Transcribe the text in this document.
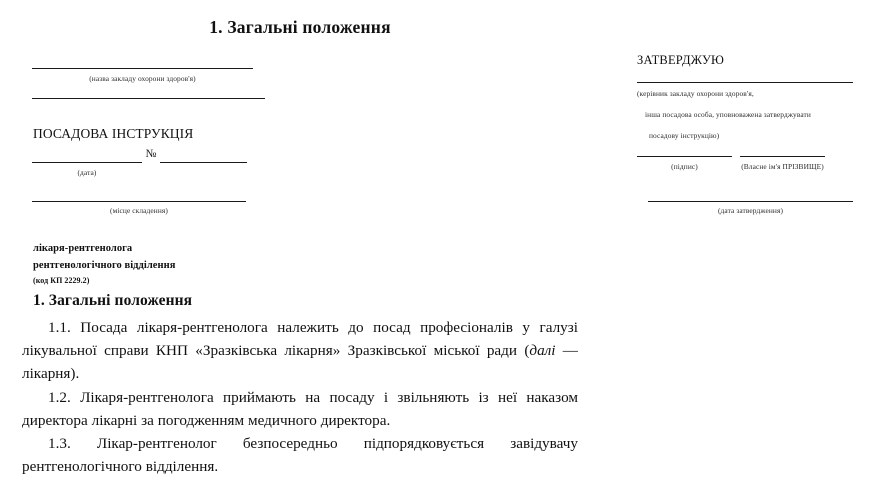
1. Загальні положення
(назва закладу охорони здоров'я)
ПОСАДОВА ІНСТРУКЦІЯ
№
(дата)
(місце складення)
ЗАТВЕРДЖУЮ
(керівник закладу охорони здоров'я,
інша посадова особа, уповноважена затверджувати
посадову інструкцію)
(підпис)	(Власне ім'я ПРІЗВИЩЕ)
(дата затвердження)
лікаря-рентгенолога
рентгенологічного відділення
(код КП 2229.2)
1. Загальні положення

1.1. Посада лікаря-рентгенолога належить до посад професіоналів у галузі лікувальної справи КНП «Зразківська лікарня» Зразківської міської ради (далі — лікарня).

1.2. Лікаря-рентгенолога приймають на посаду і звільняють із неї наказом директора лікарні за погодженням медичного директора.

1.3. Лікар-рентгенолог безпосередньо підпорядковується завідувачу рентгенологічного відділення.
